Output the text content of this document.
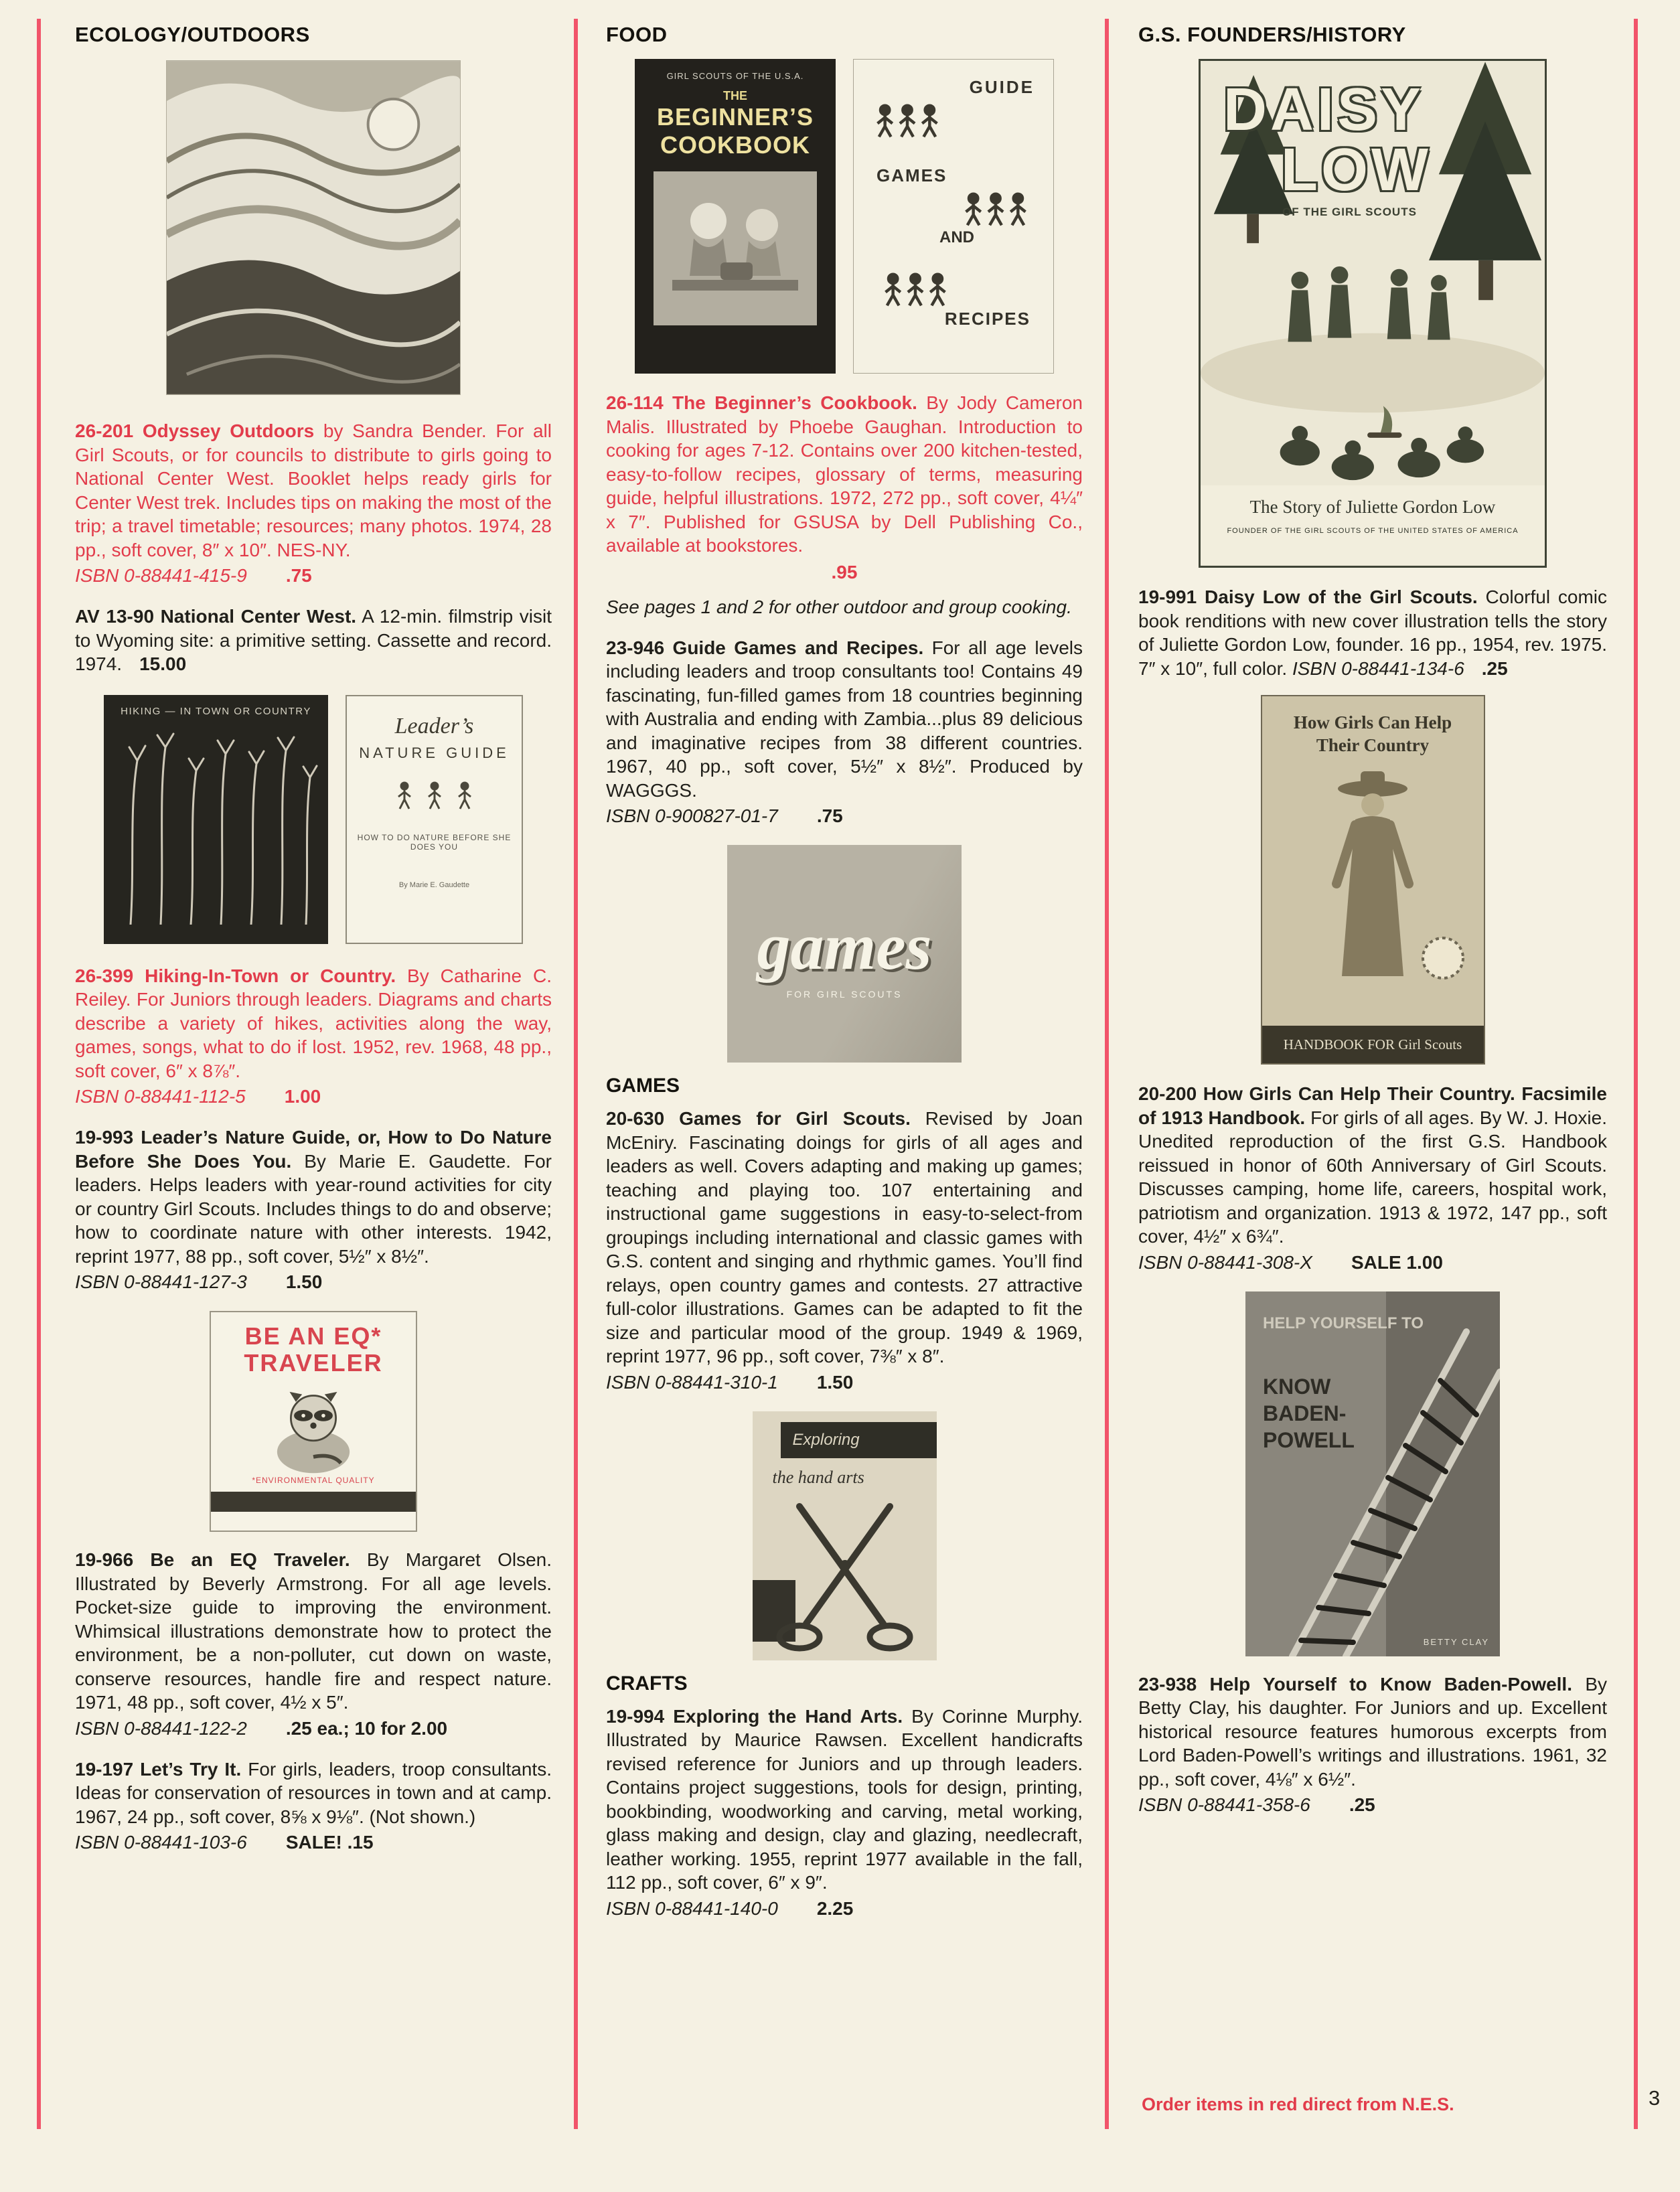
ECOLOGY/OUTDOORS

26-201 Odyssey Outdoors by Sandra Bender. For all Girl Scouts, or for councils to distribute to girls going to National Center West. Booklet helps ready girls for Center West trek. Includes tips on making the most of the trip; a travel timetable; resources; many photos. 1974, 28 pp., soft cover, 8″ x 10″. NES-NY.

ISBN 0-88441-415-9 .75

AV 13-90 National Center West. A 12-min. filmstrip visit to Wyoming site: a primitive setting. Cassette and record. 1974. 15.00

HIKING — IN TOWN OR COUNTRY
Leader’s
NATURE GUIDE
HOW TO DO NATURE BEFORE SHE DOES YOU
By Marie E. Gaudette

26-399 Hiking-In-Town or Country. By Catharine C. Reiley. For Juniors through leaders. Diagrams and charts describe a variety of hikes, activities along the way, games, songs, what to do if lost. 1952, rev. 1968, 48 pp., soft cover, 6″ x 8⅞″.

ISBN 0-88441-112-5 1.00

19-993 Leader’s Nature Guide, or, How to Do Nature Before She Does You. By Marie E. Gaudette. For leaders. Helps leaders with year-round activities for city or country Girl Scouts. Includes things to do and observe; how to coordinate nature with other interests. 1942, reprint 1977, 88 pp., soft cover, 5½″ x 8½″.

ISBN 0-88441-127-3 1.50

BE AN EQ*
TRAVELER
*ENVIRONMENTAL QUALITY

19-966 Be an EQ Traveler. By Margaret Olsen. Illustrated by Beverly Armstrong. For all age levels. Pocket-size guide to improving the environment. Whimsical illustrations demonstrate how to protect the environment, be a non-polluter, cut down on waste, conserve resources, handle fire and respect nature. 1971, 48 pp., soft cover, 4½ x 5″.

ISBN 0-88441-122-2 .25 ea.; 10 for 2.00

19-197 Let’s Try It. For girls, leaders, troop consultants. Ideas for conservation of resources in town and at camp. 1967, 24 pp., soft cover, 8⅝ x 9⅛″. (Not shown.)

ISBN 0-88441-103-6 SALE! .15

FOOD
GIRL SCOUTS OF THE U.S.A.
THE
BEGINNER’S
COOKBOOK
GUIDE
GAMES
AND
RECIPES

26-114 The Beginner’s Cookbook. By Jody Cameron Malis. Illustrated by Phoebe Gaughan. Introduction to cooking for ages 7-12. Contains over 200 kitchen-tested, easy-to-follow recipes, glossary of terms, measuring guide, helpful illustrations. 1972, 272 pp., soft cover, 4¼″ x 7″. Published for GSUSA by Dell Publishing Co., available at bookstores.

.95

See pages 1 and 2 for other outdoor and group cooking.

23-946 Guide Games and Recipes. For all age levels including leaders and troop consultants too! Contains 49 fascinating, fun-filled games from 18 countries beginning with Australia and ending with Zambia...plus 89 delicious and imaginative recipes from 38 different countries. 1967, 40 pp., soft cover, 5½″ x 8½″. Produced by WAGGGS.

ISBN 0-900827-01-7 .75

games
FOR GIRL SCOUTS
GAMES

20-630 Games for Girl Scouts. Revised by Joan McEniry. Fascinating doings for girls of all ages and leaders as well. Covers adapting and making up games; teaching and playing too. 107 entertaining and instructional game suggestions in easy-to-select-from groupings including international and classic games with G.S. content and singing and rhythmic games. You’ll find relays, open country games and contests. 27 attractive full-color illustrations. Games can be adapted to fit the size and particular mood of the group. 1949 & 1969, reprint 1977, 96 pp., soft cover, 7⅜″ x 8″.

ISBN 0-88441-310-1 1.50

Exploring
the hand arts
CRAFTS

19-994 Exploring the Hand Arts. By Corinne Murphy. Illustrated by Maurice Rawsen. Excellent handicrafts revised reference for Juniors and up through leaders. Contains project suggestions, tools for design, printing, bookbinding, woodworking and carving, metal working, glass making and design, clay and glazing, needlecraft, leather working. 1955, reprint 1977 available in the fall, 112 pp., soft cover, 6″ x 9″.

ISBN 0-88441-140-0 2.25

G.S. FOUNDERS/HISTORY
DAISY
LOW
OF THE GIRL SCOUTS
The Story of Juliette Gordon Low
FOUNDER OF THE GIRL SCOUTS OF THE UNITED STATES OF AMERICA

19-991 Daisy Low of the Girl Scouts. Colorful comic book renditions with new cover illustration tells the story of Juliette Gordon Low, founder. 16 pp., 1954, rev. 1975. 7″ x 10″, full color. ISBN 0-88441-134-6 .25

How Girls Can Help
Their Country
HANDBOOK FOR Girl Scouts

20-200 How Girls Can Help Their Country. Facsimile of 1913 Handbook. For girls of all ages. By W. J. Hoxie. Unedited reproduction of the first G.S. Handbook reissued in honor of 60th Anniversary of Girl Scouts. Discusses camping, home life, careers, hospital work, patriotism and organization. 1913 & 1972, 147 pp., soft cover, 4½″ x 6¾″.

ISBN 0-88441-308-X SALE 1.00

HELP YOURSELF TO
KNOW
BADEN-
POWELL
BETTY CLAY

23-938 Help Yourself to Know Baden-Powell. By Betty Clay, his daughter. For Juniors and up. Excellent historical resource features humorous excerpts from Lord Baden-Powell’s writings and illustrations. 1961, 32 pp., soft cover, 4⅛″ x 6½″.

ISBN 0-88441-358-6 .25

Order items in red direct from N.E.S.	3
